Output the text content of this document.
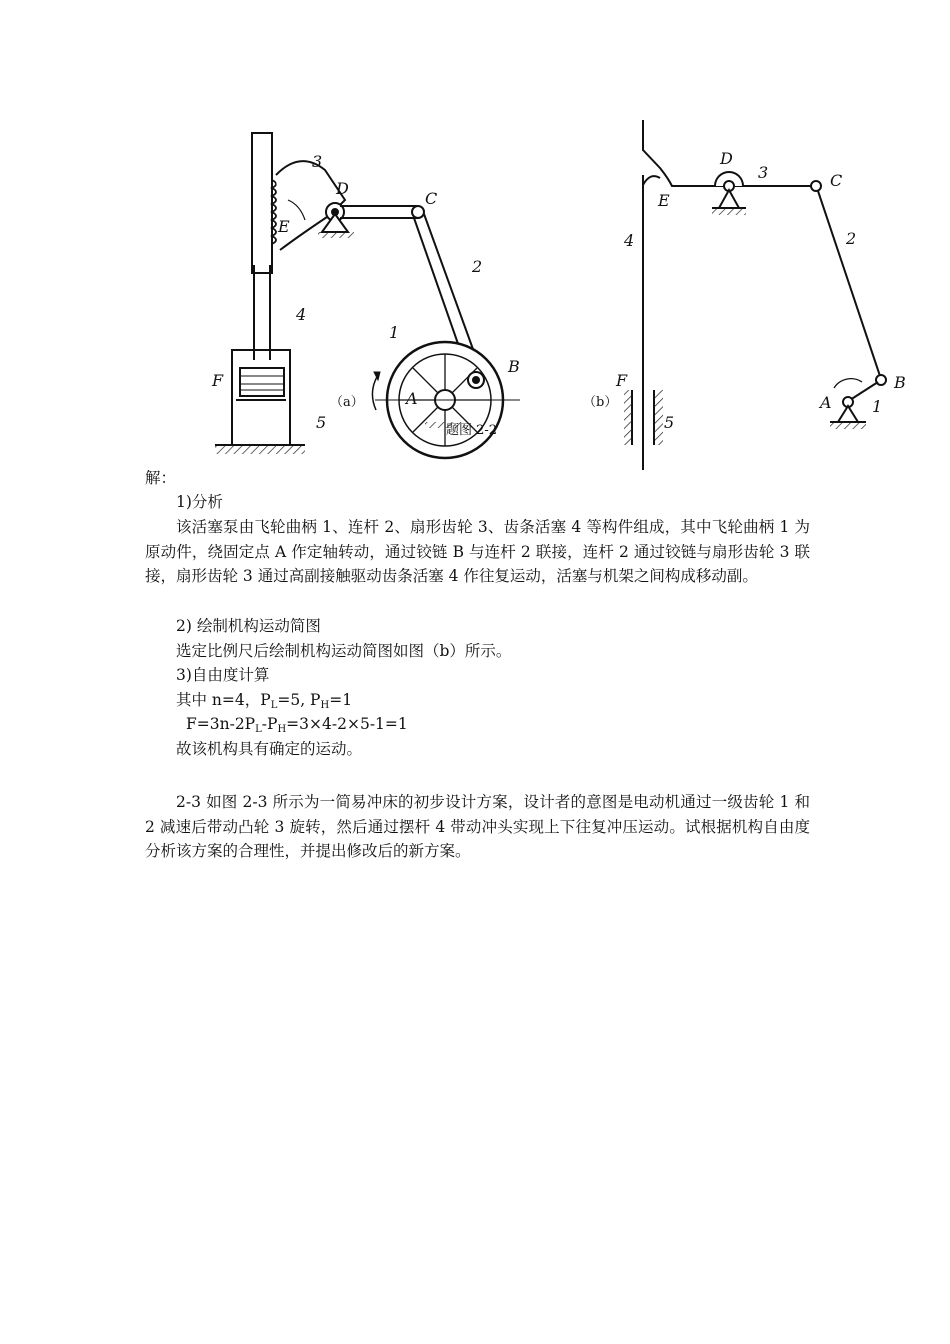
3
D
C
E
2
4
1
B
F
A
5
（a）
题图 2-2
D
3	C
E
4	2
F	B
A	1
5
（b）
解：
1)分析
该活塞泵由飞轮曲柄 1、连杆 2、扇形齿轮 3、齿条活塞 4 等构件组成，其中飞轮曲柄 1 为原动件，绕固定点 A 作定轴转动，通过铰链 B 与连杆 2 联接，连杆 2 通过铰链与扇形齿轮 3 联接，扇形齿轮 3 通过高副接触驱动齿条活塞 4 作往复运动，活塞与机架之间构成移动副。
2) 绘制机构运动简图
选定比例尺后绘制机构运动简图如图（b）所示。
3)自由度计算
其中 n=4，$P_L=5$, $P_H=1$
$F=3n-2P_L-P_H=3\times 4-2\times 5-1=1$
故该机构具有确定的运动。
2-3 如图 2-3 所示为一简易冲床的初步设计方案，设计者的意图是电动机通过一级齿轮 1 和 2 减速后带动凸轮 3 旋转，然后通过摆杆 4 带动冲头实现上下往复冲压运动。试根据机构自由度分析该方案的合理性，并提出修改后的新方案。
